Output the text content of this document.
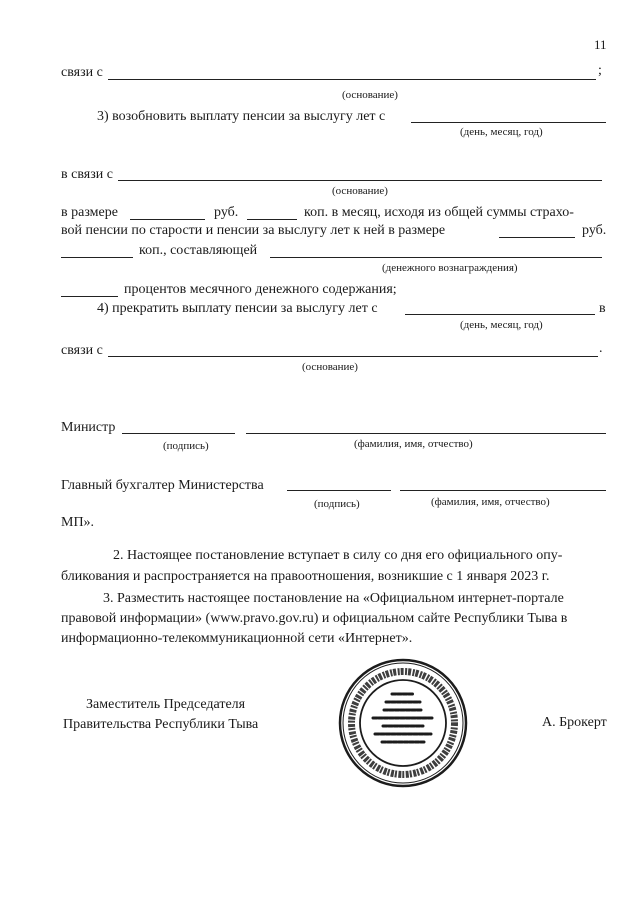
11
связи с	;
(основание)
3) возобновить выплату пенсии за выслугу лет с
(день, месяц, год)
в связи с
(основание)
в размере	руб.	коп. в месяц, исходя из общей суммы страхо-
вой пенсии по старости и пенсии за выслугу лет к ней в размере	руб.
коп., составляющей
(денежного вознаграждения)
процентов месячного денежного содержания;
4) прекратить выплату пенсии за выслугу лет с	в
(день, месяц, год)
связи с	.
(основание)
Министр
(подпись)	(фамилия, имя, отчество)
Главный бухгалтер Министерства
(подпись)	(фамилия, имя, отчество)
МП».
2. Настоящее постановление вступает в силу со дня его официального опу-
бликования и распространяется на правоотношения, возникшие с 1 января 2023 г.
3. Разместить настоящее постановление на «Официальном интернет-портале
правовой информации» (www.pravo.gov.ru) и официальном сайте Республики Тыва в
информационно-телекоммуникационной сети «Интернет».
Заместитель Председателя
Правительства Республики Тыва	А. Брокерт
